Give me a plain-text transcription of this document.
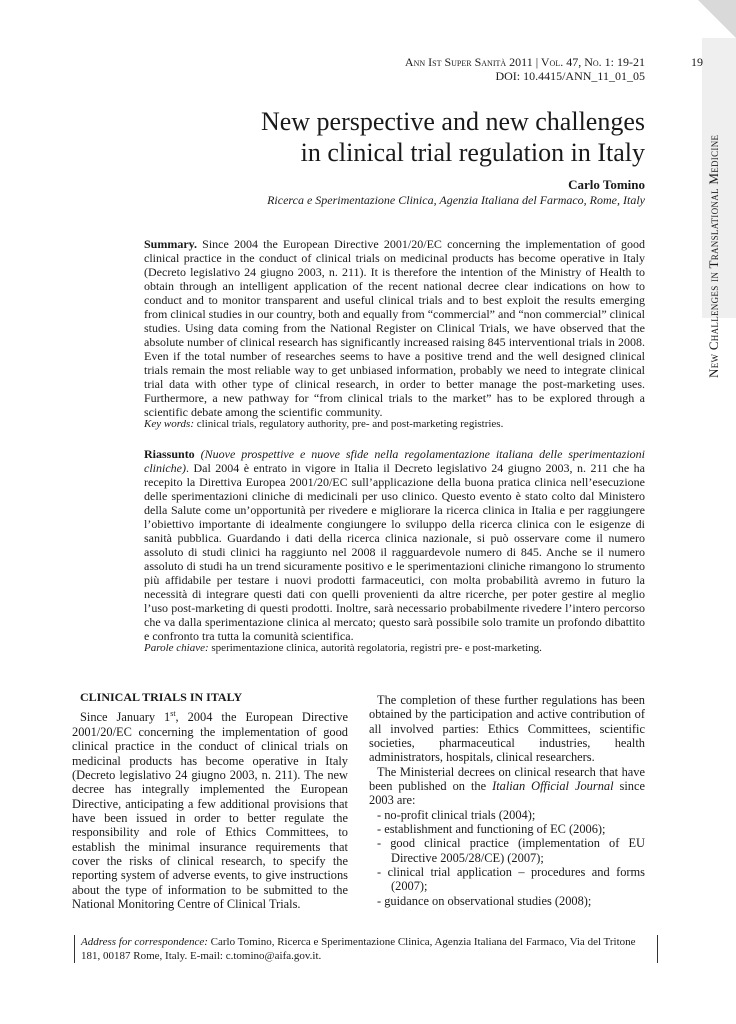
Ann Ist Super Sanità 2011 | Vol. 47, No. 1: 19-21
DOI: 10.4415/ANN_11_01_05
19
New Challenges in Translational Medicine
New perspective and new challenges
in clinical trial regulation in Italy
Carlo Tomino
Ricerca e Sperimentazione Clinica, Agenzia Italiana del Farmaco, Rome, Italy

Summary. Since 2004 the European Directive 2001/20/EC concerning the implementation of good clinical practice in the conduct of clinical trials on medicinal products has become operative in Italy (Decreto legislativo 24 giugno 2003, n. 211). It is therefore the intention of the Ministry of Health to obtain through an intelligent application of the recent national decree clear indications on how to conduct and to monitor transparent and useful clinical trials and to best exploit the results emerging from clinical studies in our country, both and equally from “commercial” and “non commercial” clinical studies. Using data coming from the National Register on Clinical Trials, we have observed that the absolute number of clinical research has significantly increased raising 845 interventional trials in 2008. Even if the total number of researches seems to have a positive trend and the well designed clinical trials remain the most reliable way to get unbiased information, probably we need to integrate clinical trial data with other type of clinical research, in order to better manage the post-marketing uses. Furthermore, a new pathway for “from clinical trials to the market” has to be explored through a scientific debate among the scientific community.

Key words: clinical trials, regulatory authority, pre- and post-marketing registries.

Riassunto (Nuove prospettive e nuove sfide nella regolamentazione italiana delle sperimentazioni cliniche). Dal 2004 è entrato in vigore in Italia il Decreto legislativo 24 giugno 2003, n. 211 che ha recepito la Direttiva Europea 2001/20/EC sull’applicazione della buona pratica clinica nell’esecuzione delle sperimentazioni cliniche di medicinali per uso clinico. Questo evento è stato colto dal Ministero della Salute come un’opportunità per rivedere e migliorare la ricerca clinica in Italia e per raggiungere l’obiettivo importante di idealmente congiungere lo sviluppo della ricerca clinica con le esigenze di sanità pubblica. Guardando i dati della ricerca clinica nazionale, si può osservare come il numero assoluto di studi clinici ha raggiunto nel 2008 il ragguardevole numero di 845. Anche se il numero assoluto di studi ha un trend sicuramente positivo e le sperimentazioni cliniche rimangono lo strumento più affidabile per testare i nuovi prodotti farmaceutici, con molta probabilità avremo in futuro la necessità di integrare questi dati con quelli provenienti da altre ricerche, per poter gestire al meglio l’uso post-marketing di questi prodotti. Inoltre, sarà necessario probabilmente rivedere l’intero percorso che va dalla sperimentazione clinica al mercato; questo sarà possibile solo tramite un profondo dibattito e confronto tra tutta la comunità scientifica.

Parole chiave: sperimentazione clinica, autorità regolatoria, registri pre- e post-marketing.
CLINICAL TRIALS IN ITALY

Since January 1st, 2004 the European Directive 2001/20/EC concerning the implementation of good clinical practice in the conduct of clinical trials on medicinal products has become operative in Italy (Decreto legislativo 24 giugno 2003, n. 211). The new decree has integrally implemented the European Directive, anticipating a few additional provisions that have been issued in order to better regulate the responsibility and role of Ethics Committees, to establish the minimal insurance requirements that cover the risks of clinical research, to specify the reporting system of adverse events, to give instructions about the type of information to be submitted to the National Monitoring Centre of Clinical Trials.

The completion of these further regulations has been obtained by the participation and active contribution of all involved parties: Ethics Committees, scientific societies, pharmaceutical industries, health administrators, hospitals, clinical researchers.

The Ministerial decrees on clinical research that have been published on the Italian Official Journal since 2003 are:

- no-profit clinical trials (2004);
- establishment and functioning of EC (2006);
- good clinical practice (implementation of EU Directive 2005/28/CE) (2007);
- clinical trial application – procedures and forms (2007);
- guidance on observational studies (2008);
Address for correspondence: Carlo Tomino, Ricerca e Sperimentazione Clinica, Agenzia Italiana del Farmaco, Via del Tritone 181, 00187 Rome, Italy. E-mail: c.tomino@aifa.gov.it.
